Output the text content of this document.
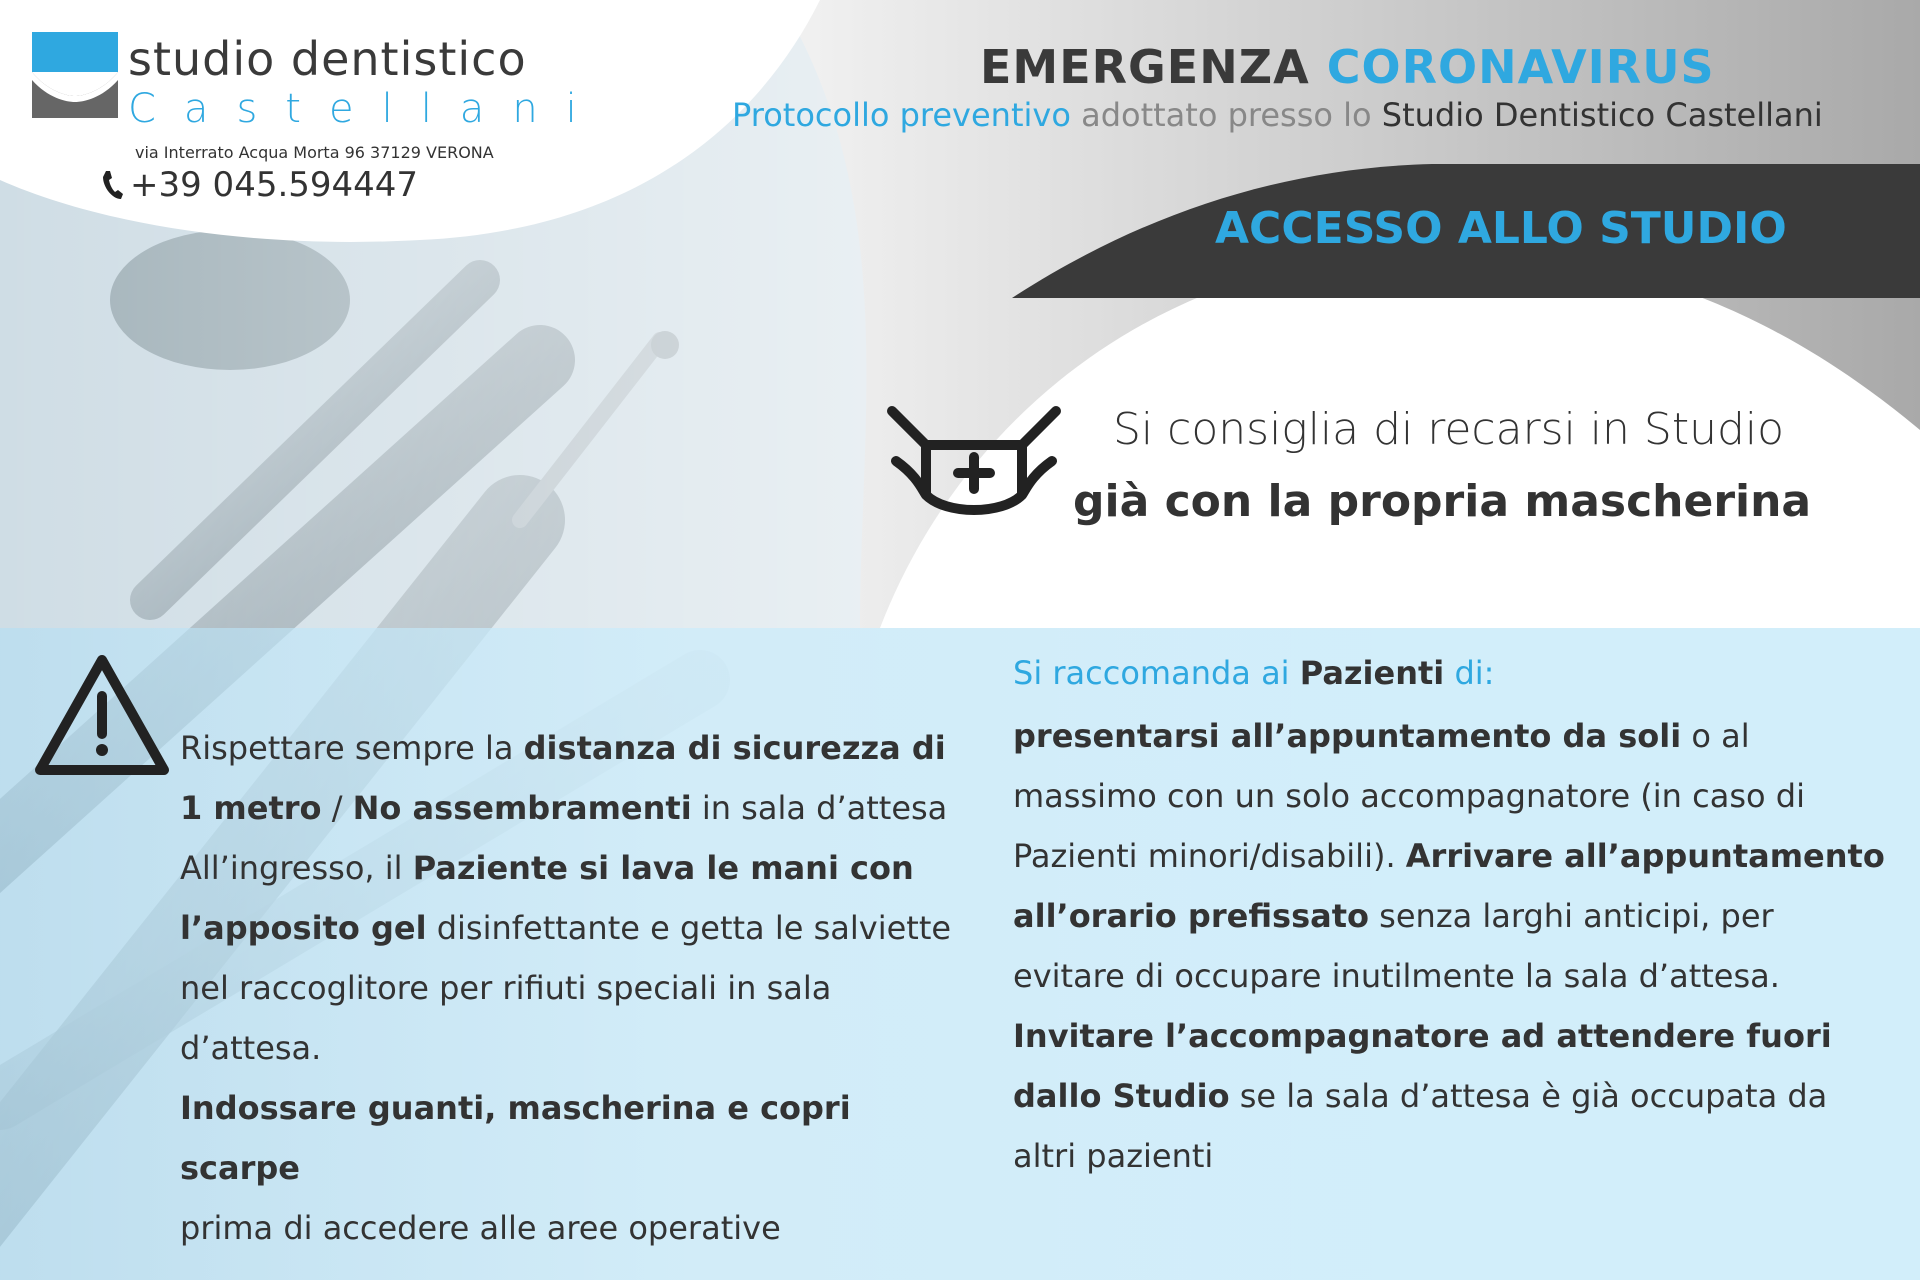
studio dentistico
Castellani
via Interrato Acqua Morta 96 37129 VERONA
+39 045.594447
EMERGENZA CORONAVIRUS
Protocollo preventivo adottato presso lo Studio Dentistico Castellani
ACCESSO ALLO STUDIO
Si consiglia di recarsi in Studio
già con la propria mascherina
Rispettare sempre la distanza di sicurezza di 1 metro / No assembramenti in sala d’attesa
All’ingresso, il Paziente si lava le mani con l’apposito gel disinfettante e getta le salviette nel raccoglitore per rifiuti speciali in sala d’attesa.
Indossare guanti, mascherina e copri scarpe
prima di accedere alle aree operative
Si raccomanda ai Pazienti di:
presentarsi all’appuntamento da soli o al massimo con un solo accompagnatore (in caso di Pazienti minori/disabili). Arrivare all’appuntamento all’orario prefissato senza larghi anticipi, per evitare di occupare inutilmente la sala d’attesa.
Invitare l’accompagnatore ad attendere fuori dallo Studio se la sala d’attesa è già occupata da altri pazienti
